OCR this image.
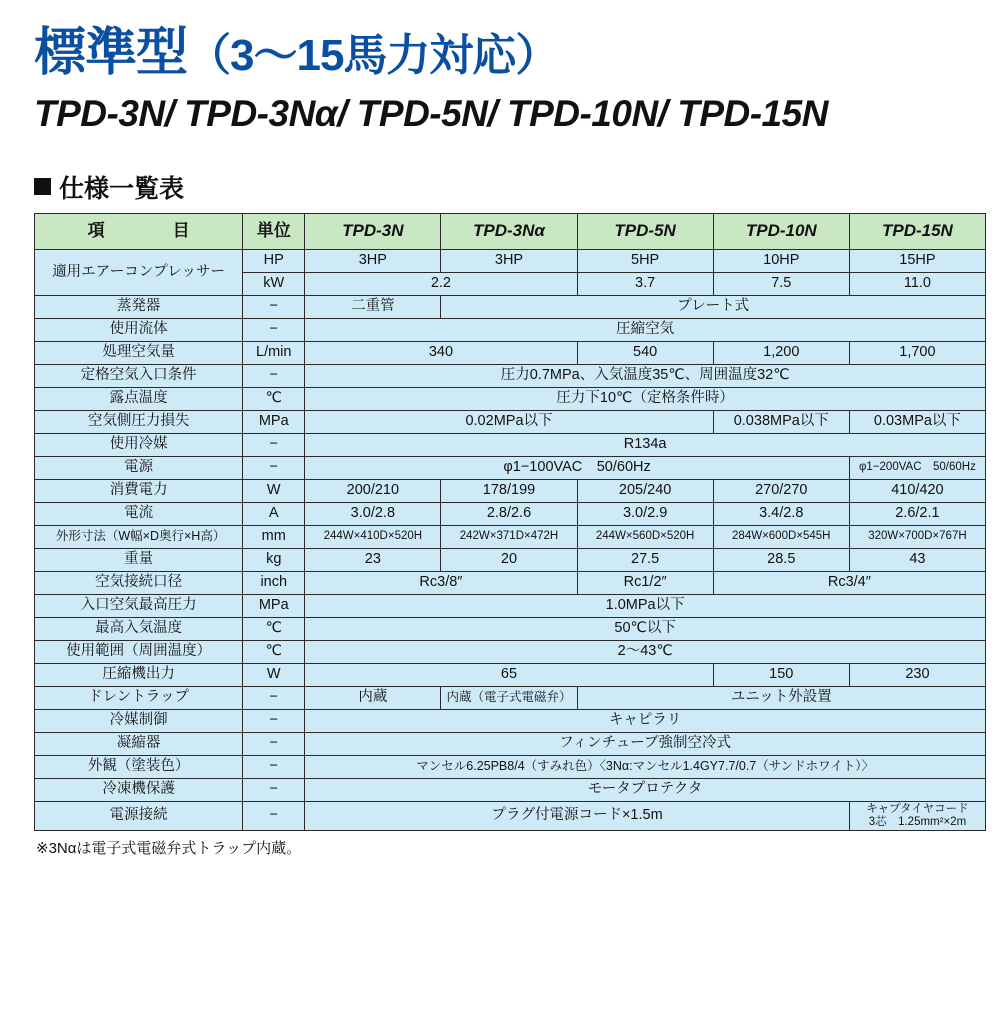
標準型（3〜15馬力対応）
TPD-3N/ TPD-3Nα/ TPD-5N/ TPD-10N/ TPD-15N
仕様一覧表
項　　　　目	単位	TPD-3N	TPD-3Nα	TPD-5N	TPD-10N	TPD-15N
適用エアーコンプレッサー	HP	3HP	3HP	5HP	10HP	15HP
	kW	2.2		3.7	7.5	11.0
蒸発器	−	二重管	プレート式			
使用流体	−	圧縮空気				
処理空気量	L/min	340		540	1,200	1,700
定格空気入口条件	−	圧力0.7MPa、入気温度35℃、周囲温度32℃				
露点温度	℃	圧力下10℃（定格条件時）				
空気側圧力損失	MPa	0.02MPa以下			0.038MPa以下	0.03MPa以下
使用冷媒	−	R134a				
電源	−	φ1−100VAC　50/60Hz				φ1−200VAC　50/60Hz
消費電力	W	200/210	178/199	205/240	270/270	410/420
電流	A	3.0/2.8	2.8/2.6	3.0/2.9	3.4/2.8	2.6/2.1
外形寸法（W幅×D奥行×H高）	mm	244W×410D×520H	242W×371D×472H	244W×560D×520H	284W×600D×545H	320W×700D×767H
重量	kg	23	20	27.5	28.5	43
空気接続口径	inch	Rc3/8″		Rc1/2″	Rc3/4″	
入口空気最高圧力	MPa	1.0MPa以下				
最高入気温度	℃	50℃以下				
使用範囲（周囲温度）	℃	2〜43℃				
圧縮機出力	W	65			150	230
ドレントラップ	−	内蔵	内蔵（電子式電磁弁）	ユニット外設置		
冷媒制御	−	キャピラリ				
凝縮器	−	フィンチューブ強制空冷式				
外観（塗装色）	−	マンセル6.25PB8/4（すみれ色）〈3Nα:マンセル1.4GY7.7/0.7（サンドホワイト）〉				
冷凍機保護	−	モータプロテクタ				
電源接続	−	プラグ付電源コード×1.5m				キャプタイヤコード
3芯　1.25mm²×2m
※3Nαは電子式電磁弁式トラップ内蔵。
